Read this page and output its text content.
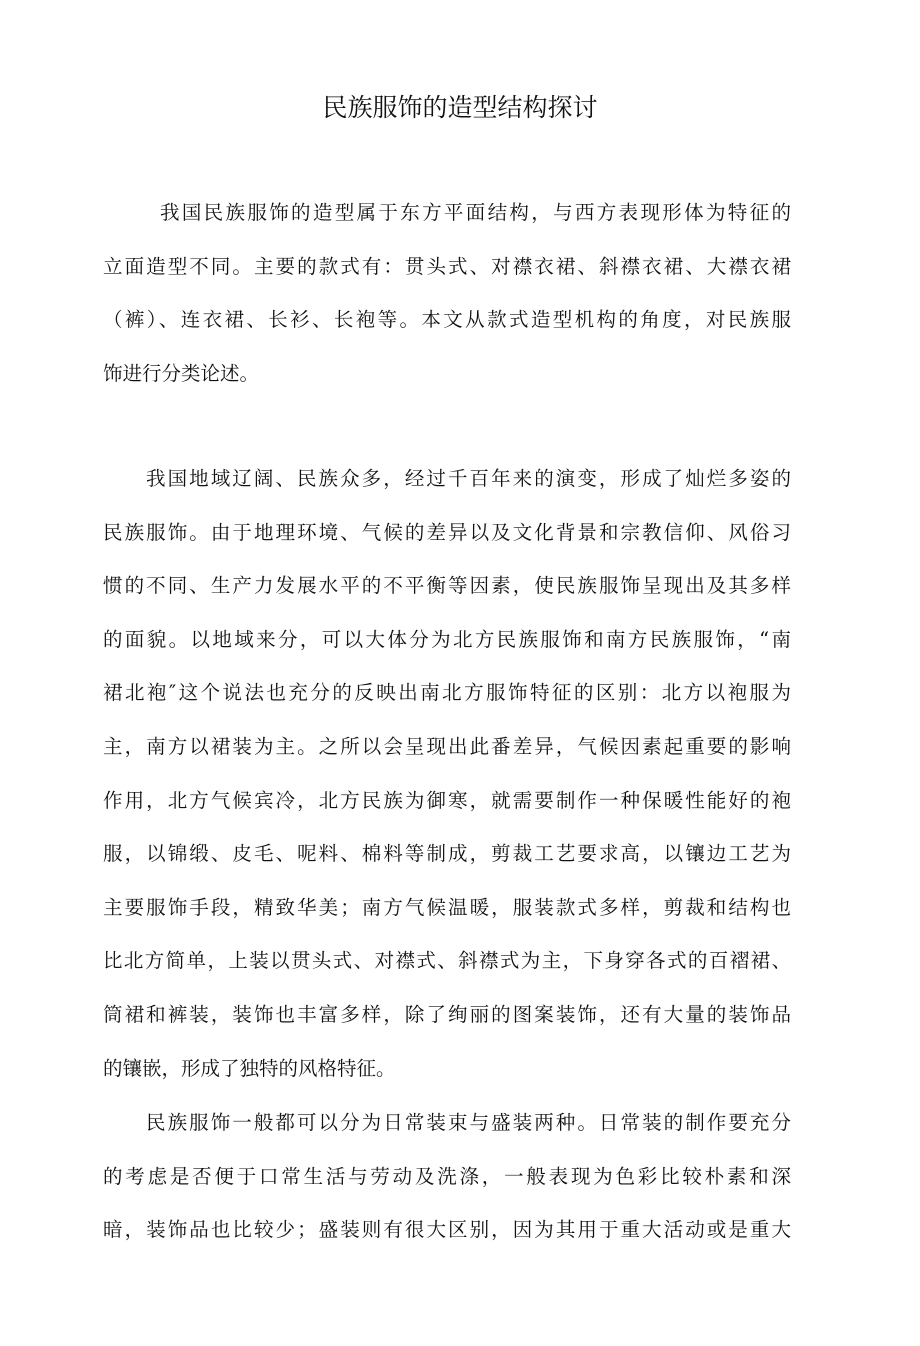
民族服饰的造型结构探讨
我国民族服饰的造型属于东方平面结构，与西方表现形体为特征的
立面造型不同。主要的款式有：贯头式、对襟衣裙、斜襟衣裙、大襟衣裙
（裤）、连衣裙、长衫、长袍等。本文从款式造型机构的角度，对民族服
饰进行分类论述。
我国地域辽阔、民族众多，经过千百年来的演变，形成了灿烂多姿的
民族服饰。由于地理环境、气候的差异以及文化背景和宗教信仰、风俗习
惯的不同、生产力发展水平的不平衡等因素，使民族服饰呈现出及其多样
的面貌。以地域来分，可以大体分为北方民族服饰和南方民族服饰，“南
裙北袍″这个说法也充分的反映出南北方服饰特征的区别：北方以袍服为
主，南方以裙装为主。之所以会呈现出此番差异，气候因素起重要的影响
作用，北方气候宾冷，北方民族为御寒，就需要制作一种保暖性能好的袍
服，以锦缎、皮毛、呢料、棉料等制成，剪裁工艺要求高，以镶边工艺为
主要服饰手段，精致华美；南方气候温暖，服装款式多样，剪裁和结构也
比北方简单，上装以贯头式、对襟式、斜襟式为主，下身穿各式的百褶裙、
筒裙和裤装，装饰也丰富多样，除了绚丽的图案装饰，还有大量的装饰品
的镶嵌，形成了独特的风格特征。
民族服饰一般都可以分为日常装束与盛装两种。日常装的制作要充分
的考虑是否便于口常生活与劳动及洗涤，一般表现为色彩比较朴素和深
暗，装饰品也比较少；盛装则有很大区别，因为其用于重大活动或是重大
